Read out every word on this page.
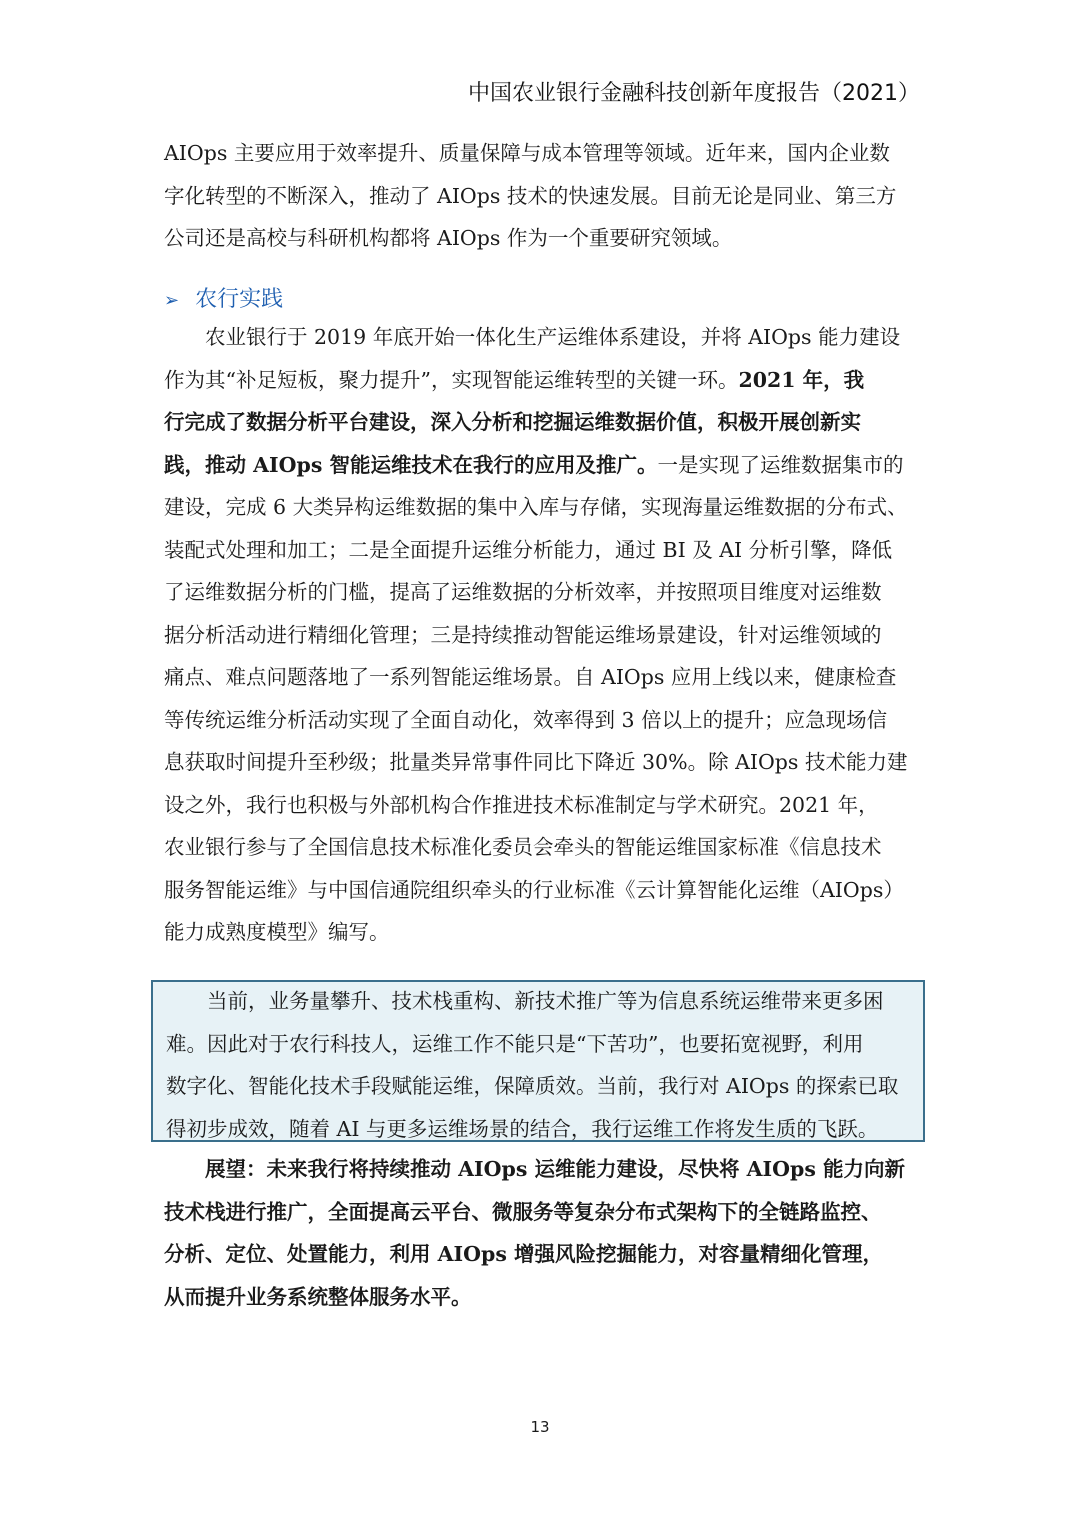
中国农业银行金融科技创新年度报告（2021）
AIOps 主要应用于效率提升、质量保障与成本管理等领域。近年来，国内企业数
字化转型的不断深入，推动了 AIOps 技术的快速发展。目前无论是同业、第三方
公司还是高校与科研机构都将 AIOps 作为一个重要研究领域。
➢ 农行实践
　　农业银行于 2019 年底开始一体化生产运维体系建设，并将 AIOps 能力建设
作为其“补足短板，聚力提升”，实现智能运维转型的关键一环。2021 年，我
行完成了数据分析平台建设，深入分析和挖掘运维数据价值，积极开展创新实
践，推动 AIOps 智能运维技术在我行的应用及推广。一是实现了运维数据集市的
建设，完成 6 大类异构运维数据的集中入库与存储，实现海量运维数据的分布式、
装配式处理和加工；二是全面提升运维分析能力，通过 BI 及 AI 分析引擎，降低
了运维数据分析的门槛，提高了运维数据的分析效率，并按照项目维度对运维数
据分析活动进行精细化管理；三是持续推动智能运维场景建设，针对运维领域的
痛点、难点问题落地了一系列智能运维场景。自 AIOps 应用上线以来，健康检查
等传统运维分析活动实现了全面自动化，效率得到 3 倍以上的提升；应急现场信
息获取时间提升至秒级；批量类异常事件同比下降近 30%。除 AIOps 技术能力建
设之外，我行也积极与外部机构合作推进技术标准制定与学术研究。2021 年，
农业银行参与了全国信息技术标准化委员会牵头的智能运维国家标准《信息技术
服务智能运维》与中国信通院组织牵头的行业标准《云计算智能化运维（AIOps）
能力成熟度模型》编写。
　　当前，业务量攀升、技术栈重构、新技术推广等为信息系统运维带来更多困
难。因此对于农行科技人，运维工作不能只是“下苦功”，也要拓宽视野，利用
数字化、智能化技术手段赋能运维，保障质效。当前，我行对 AIOps 的探索已取
得初步成效，随着 AI 与更多运维场景的结合，我行运维工作将发生质的飞跃。
　　展望：未来我行将持续推动 AIOps 运维能力建设，尽快将 AIOps 能力向新
技术栈进行推广，全面提高云平台、微服务等复杂分布式架构下的全链路监控、
分析、定位、处置能力，利用 AIOps 增强风险挖掘能力，对容量精细化管理，
从而提升业务系统整体服务水平。
13
